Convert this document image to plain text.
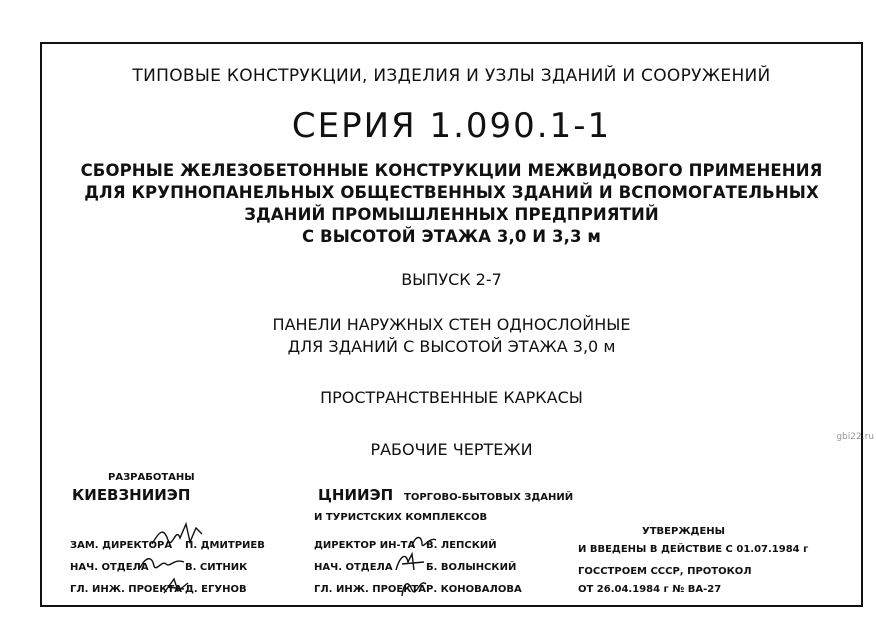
ТИПОВЫЕ КОНСТРУКЦИИ, ИЗДЕЛИЯ И УЗЛЫ ЗДАНИЙ И СООРУЖЕНИЙ
СЕРИЯ 1.090.1-1
СБОРНЫЕ ЖЕЛЕЗОБЕТОННЫЕ КОНСТРУКЦИИ МЕЖВИДОВОГО ПРИМЕНЕНИЯ
ДЛЯ КРУПНОПАНЕЛЬНЫХ ОБЩЕСТВЕННЫХ ЗДАНИЙ И ВСПОМОГАТЕЛЬНЫХ
ЗДАНИЙ ПРОМЫШЛЕННЫХ ПРЕДПРИЯТИЙ
С ВЫСОТОЙ ЭТАЖА 3,0 И 3,3 м
ВЫПУСК 2-7
ПАНЕЛИ НАРУЖНЫХ СТЕН ОДНОСЛОЙНЫЕ
ДЛЯ ЗДАНИЙ С ВЫСОТОЙ ЭТАЖА 3,0 м
ПРОСТРАНСТВЕННЫЕ КАРКАСЫ
РАБОЧИЕ ЧЕРТЕЖИ
РАЗРАБОТАНЫ
КИЕВЗНИИЭП
ЗАМ. ДИРЕКТОРА П. ДМИТРИЕВ
НАЧ. ОТДЕЛА	В. СИТНИК
ГЛ. ИНЖ. ПРОЕКТА Д. ЕГУНОВ
ЦНИИЭП ТОРГОВО-БЫТОВЫХ ЗДАНИЙ
И ТУРИСТСКИХ КОМПЛЕКСОВ
ДИРЕКТОР ИН-ТА В. ЛЕПСКИЙ
НАЧ. ОТДЕЛА	Б. ВОЛЫНСКИЙ
ГЛ. ИНЖ. ПРОЕКТА Р. КОНОВАЛОВА
УТВЕРЖДЕНЫ
И ВВЕДЕНЫ В ДЕЙСТВИЕ С 01.07.1984 г
ГОССТРОЕМ СССР, ПРОТОКОЛ
ОТ 26.04.1984 г № ВА-27
gbi22.ru
